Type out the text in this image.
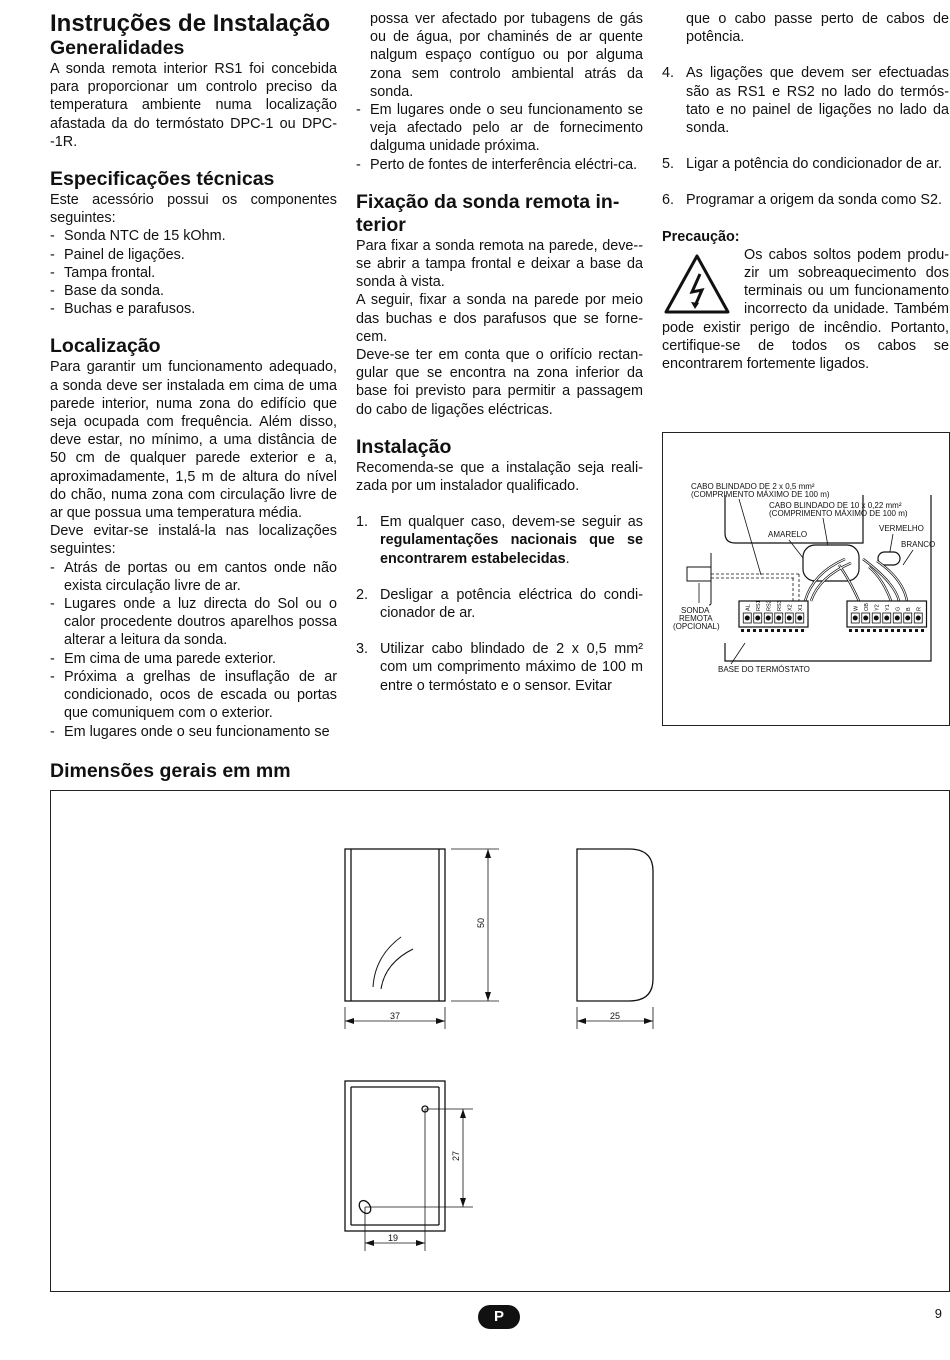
Instruções de Instalação
Generalidades

A sonda remota interior RS1 foi concebida para proporcionar um controlo preciso da temperatura ambiente numa localização afastada da do termóstato DPC-1 ou DPC--1R.

Especificações técnicas

Este acessório possui os componentes seguintes:

- Sonda NTC de 15 kOhm.
- Painel de ligações.
- Tampa frontal.
- Base da sonda.
- Buchas e parafusos.
Localização

Para garantir um funcionamento adequado, a sonda deve ser instalada em cima de uma parede interior, numa zona do edifício que seja ocupada com frequência. Além disso, deve estar, no mínimo, a uma distância de 50 cm de qualquer parede exterior e a, aproximadamente, 1,5 m de altura do nível do chão, numa zona com circulação livre de ar que possua uma temperatura média.

Deve evitar-se instalá-la nas localizações seguintes:

- Atrás de portas ou em cantos onde não exista circulação livre de ar.
- Lugares onde a luz directa do Sol ou o calor procedente doutros aparelhos possa alterar a leitura da sonda.
- Em cima de uma parede exterior.
- Próxima a grelhas de insuflação de ar condicionado, ocos de escada ou portas que comuniquem com o exterior.
- Em lugares onde o seu funcionamento se

possa ver afectado por tubagens de gás ou de água, por chaminés de ar quente nalgum espaço contíguo ou por alguma zona sem controlo ambiental atrás da sonda.

- Em lugares onde o seu funcionamento se veja afectado pelo ar de fornecimento dalguma unidade próxima.
- Perto de fontes de interferência eléctri-ca.
Fixação da sonda remota in-terior

Para fixar a sonda remota na parede, deve--se abrir a tampa frontal e deixar a base da sonda à vista.

A seguir, fixar a sonda na parede por meio das buchas e dos parafusos que se forne-cem.

Deve-se ter em conta que o orifício rectan-gular que se encontra na zona inferior da base foi previsto para permitir a passagem do cabo de ligações eléctricas.

Instalação

Recomenda-se que a instalação seja reali-zada por um instalador qualificado.

1. Em qualquer caso, devem-se seguir as regulamentações nacionais que se encontrarem estabelecidas.
2. Desligar a potência eléctrica do condi-cionador de ar.
3. Utilizar cabo blindado de 2 x 0,5 mm² com um comprimento máximo de 100 m entre o termóstato e o sensor. Evitar

que o cabo passe perto de cabos de potência.

4. As ligações que devem ser efectuadas são as RS1 e RS2 no lado do termós-tato e no painel de ligações no lado da sonda.
5. Ligar a potência do condicionador de ar.
6. Programar a origem da sonda como S2.
Precaução:

Os cabos soltos podem produ-zir um sobreaquecimento dos terminais ou um funcionamento incorrecto da unidade. Também pode existir perigo de incêndio. Portanto, certifique-se de todos os cabos se encontrarem fortemente ligados.

CABO BLINDADO DE 2 x 0,5 mm²
(COMPRIMENTO MÁXIMO DE 100 m)
CABO BLINDADO DE 10 x 0,22 mm²
(COMPRIMENTO MÁXIMO DE 100 m)
VERMELHO
AMARELO
BRANCO
SONDA
REMOTA
(OPCIONAL)
BASE DO TERMÓSTATO
AL RS1 RS2 RS3 X2 X1	W OB Y2 Y1 G B R
Dimensões gerais em mm
50
37	25
27
19
P	9
